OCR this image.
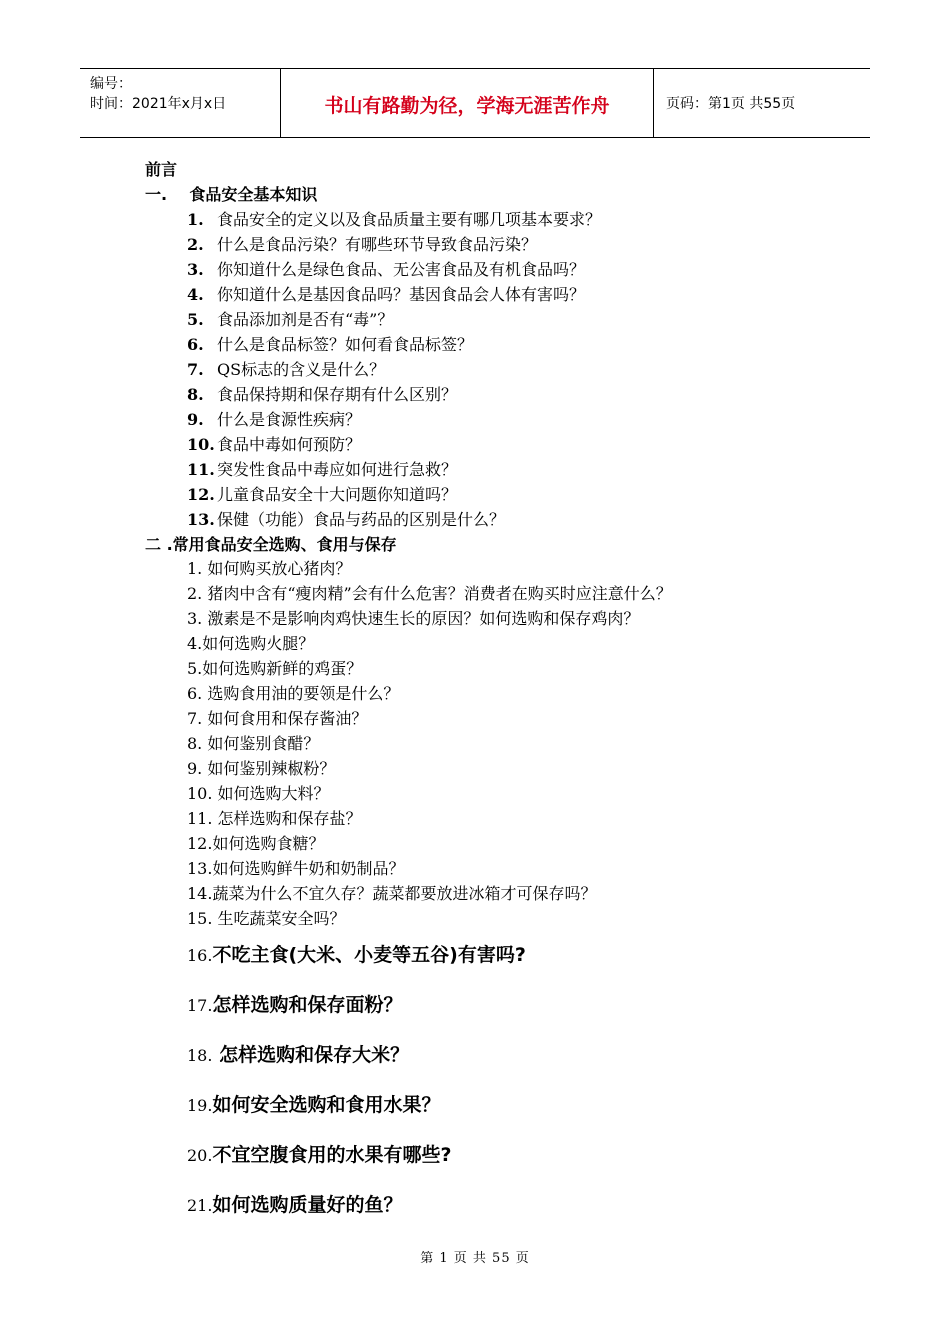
编号：
时间：2021年x月x日	书山有路勤为径，学海无涯苦作舟	页码：第1页 共55页
前言
一.    食品安全基本知识
1. 食品安全的定义以及食品质量主要有哪几项基本要求？
2. 什么是食品污染？有哪些环节导致食品污染？
3. 你知道什么是绿色食品、无公害食品及有机食品吗？
4. 你知道什么是基因食品吗？基因食品会人体有害吗？
5. 食品添加剂是否有“毒”？
6. 什么是食品标签？如何看食品标签？
7. QS标志的含义是什么？
8. 食品保持期和保存期有什么区别？
9. 什么是食源性疾病？
10. 食品中毒如何预防？
11. 突发性食品中毒应如何进行急救？
12. 儿童食品安全十大问题你知道吗？
13. 保健（功能）食品与药品的区别是什么？
二 .常用食品安全选购、食用与保存
1. 如何购买放心猪肉？
2. 猪肉中含有“瘦肉精”会有什么危害？消费者在购买时应注意什么？
3. 激素是不是影响肉鸡快速生长的原因？如何选购和保存鸡肉？
4.如何选购火腿？
5.如何选购新鲜的鸡蛋？
6. 选购食用油的要领是什么？
7. 如何食用和保存酱油？
8. 如何鉴别食醋？
9. 如何鉴别辣椒粉？
10. 如何选购大料？
11. 怎样选购和保存盐？
12.如何选购食糖？
13.如何选购鲜牛奶和奶制品？
14.蔬菜为什么不宜久存？蔬菜都要放进冰箱才可保存吗？
15. 生吃蔬菜安全吗？
16.不吃主食(大米、小麦等五谷)有害吗?
17.怎样选购和保存面粉？
18. 怎样选购和保存大米？
19.如何安全选购和食用水果？
20.不宜空腹食用的水果有哪些?
21.如何选购质量好的鱼？
第 1 页 共 55 页
